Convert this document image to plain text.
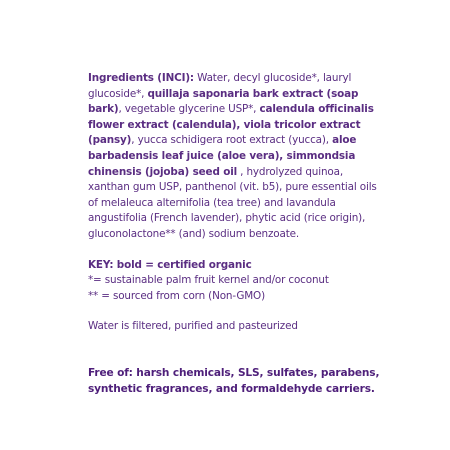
Ingredients (INCI): Water, decyl glucoside*, lauryl glucoside*, quillaja saponaria bark extract (soap bark), vegetable glycerine USP*, calendula officinalis flower extract (calendula), viola tricolor extract (pansy), yucca schidigera root extract (yucca), aloe barbadensis leaf juice (aloe vera), simmondsia chinensis (jojoba) seed oil , hydrolyzed quinoa, xanthan gum USP, panthenol (vit. b5), pure essential oils of melaleuca alternifolia (tea tree) and lavandula angustifolia (French lavender), phytic acid (rice origin), gluconolactone** (and) sodium benzoate.

KEY: bold = certified organic

*= sustainable palm fruit kernel and/or coconut

** = sourced from corn (Non-GMO)

Water is filtered, purified and pasteurized

Free of: harsh chemicals, SLS, sulfates, parabens, synthetic fragrances, and formaldehyde carriers.
